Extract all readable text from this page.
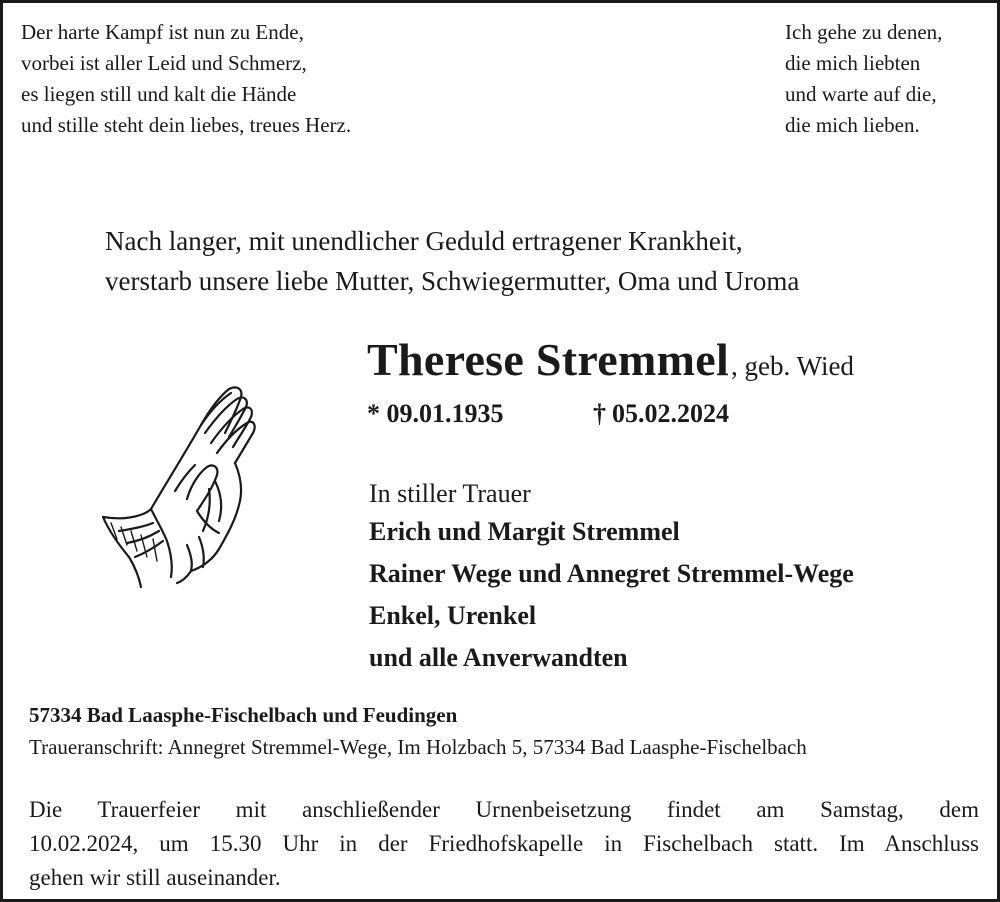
Der harte Kampf ist nun zu Ende,
vorbei ist aller Leid und Schmerz,
es liegen still und kalt die Hände
und stille steht dein liebes, treues Herz.
Ich gehe zu denen,
die mich liebten
und warte auf die,
die mich lieben.
Nach langer, mit unendlicher Geduld ertragener Krankheit,
verstarb unsere liebe Mutter, Schwiegermutter, Oma und Uroma
Therese Stremmel, geb. Wied
* 09.01.1935	† 05.02.2024
In stiller Trauer
Erich und Margit Stremmel
Rainer Wege und Annegret Stremmel-Wege
Enkel, Urenkel
und alle Anverwandten
57334 Bad Laasphe-Fischelbach und Feudingen
Traueranschrift: Annegret Stremmel-Wege, Im Holzbach 5, 57334 Bad Laasphe-Fischelbach
Die Trauerfeier mit anschließender Urnenbeisetzung findet am Samstag, dem
10.02.2024, um 15.30 Uhr in der Friedhofskapelle in Fischelbach statt. Im Anschluss
gehen wir still auseinander.
